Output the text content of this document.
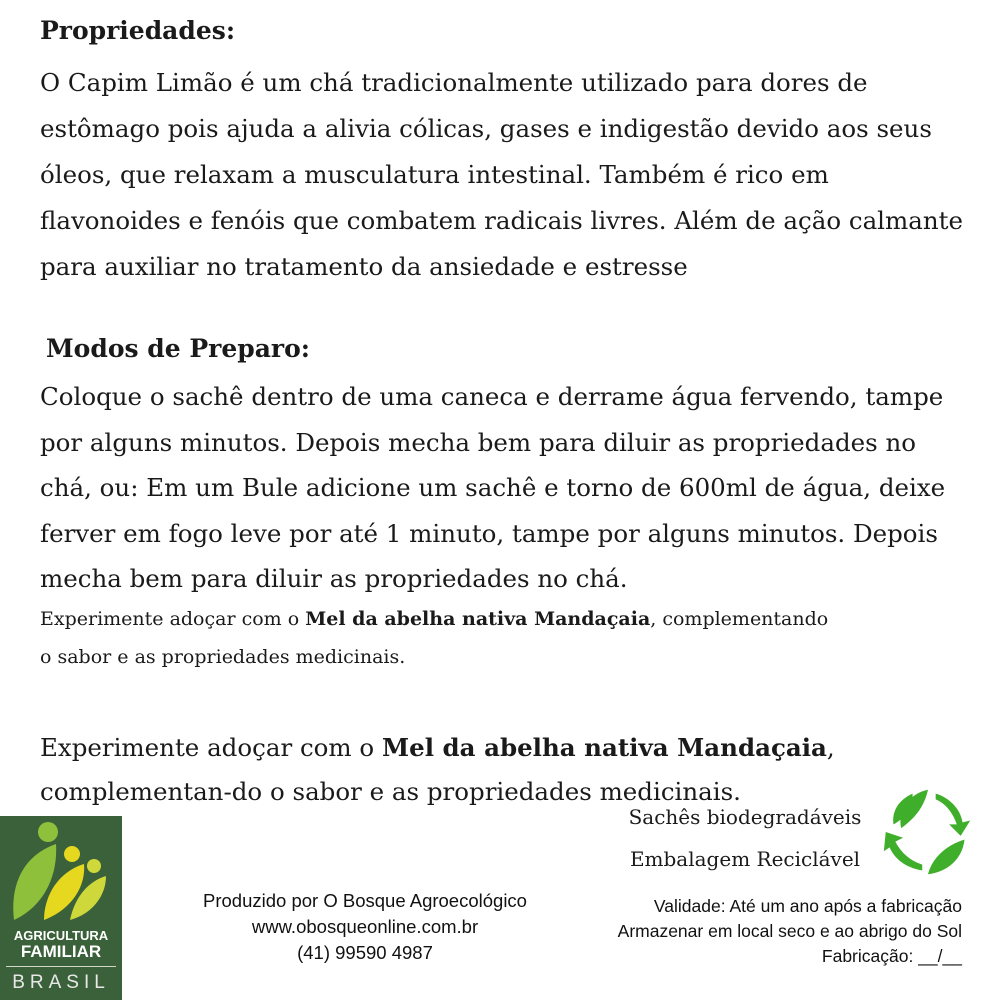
Propriedades:
O Capim Limão é um chá tradicionalmente utilizado para dores de estômago pois ajuda a alivia cólicas, gases e indigestão devido aos seus óleos, que relaxam a musculatura intestinal. Também é rico em flavonoides e fenóis que combatem radicais livres. Além de ação calmante para auxiliar no tratamento da ansiedade e estresse
Modos de Preparo:
Coloque o sachê dentro de uma caneca e derrame água fervendo, tampe por alguns minutos. Depois mecha bem para diluir as propriedades no chá, ou: Em um Bule adicione um sachê e torno de 600ml de água, deixe ferver em fogo leve por até 1 minuto, tampe por alguns minutos. Depois mecha bem para diluir as propriedades no chá.
Experimente adoçar com o Mel da abelha nativa Mandaçaia, complementando o sabor e as propriedades medicinais.
Experimente adoçar com o Mel da abelha nativa Mandaçaia, complementan-do o sabor e as propriedades medicinais.
AGRICULTURA
FAMILIAR
BRASIL
Produzido por O Bosque Agroecológico
www.obosqueonline.com.br
(41) 99590 4987
Sachês biodegradáveis
Embalagem Reciclável
Validade: Até um ano após a fabricação
Armazenar em local seco e ao abrigo do Sol
Fabricação: __/__
